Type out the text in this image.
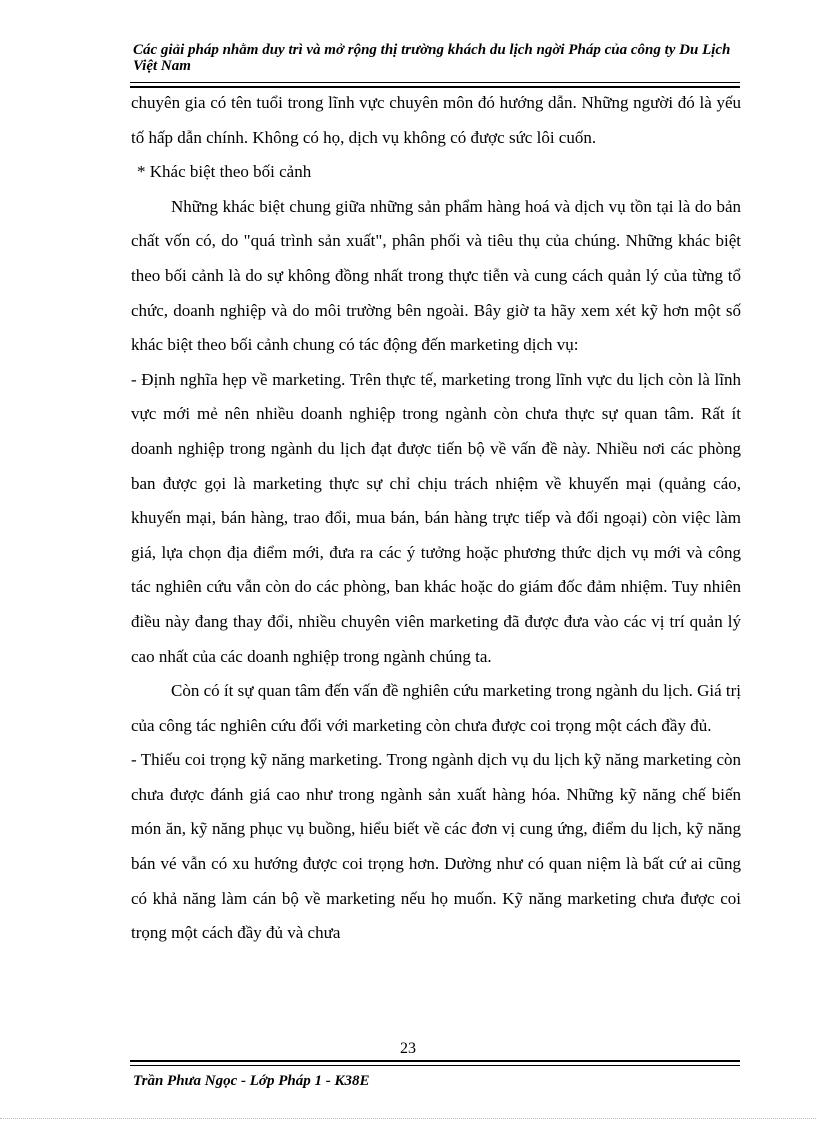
Các giải pháp nhằm duy trì và mở rộng thị trường khách du lịch ngời Pháp của công ty Du Lịch Việt Nam

chuyên gia có tên tuổi trong lĩnh vực chuyên môn đó hướng dẫn. Những người đó là yếu tố hấp dẫn chính. Không có họ, dịch vụ không có được sức lôi cuốn.

* Khác biệt theo bối cảnh

Những khác biệt chung giữa những sản phẩm hàng hoá và dịch vụ tồn tại là do bản chất vốn có, do "quá trình sản xuất", phân phối và tiêu thụ của chúng. Những khác biệt theo bối cảnh là do sự không đồng nhất trong thực tiễn và cung cách quản lý của từng tổ chức, doanh nghiệp và do môi trường bên ngoài. Bây giờ ta hãy xem xét kỹ hơn một số khác biệt theo bối cảnh chung có tác động đến marketing dịch vụ:

- Định nghĩa hẹp về marketing. Trên thực tế, marketing trong lĩnh vực du lịch còn là lĩnh vực mới mẻ nên nhiều doanh nghiệp trong ngành còn chưa thực sự quan tâm. Rất ít doanh nghiệp trong ngành du lịch đạt được tiến bộ về vấn đề này. Nhiều nơi các phòng ban được gọi là marketing thực sự chỉ chịu trách nhiệm về khuyến mại (quảng cáo, khuyến mại, bán hàng, trao đổi, mua bán, bán hàng trực tiếp và đối ngoại) còn việc làm giá, lựa chọn địa điểm mới, đưa ra các ý tưởng hoặc phương thức dịch vụ mới và công tác nghiên cứu vẫn còn do các phòng, ban khác hoặc do giám đốc đảm nhiệm. Tuy nhiên điều này đang thay đổi, nhiều chuyên viên marketing đã được đưa vào các vị trí quản lý cao nhất của các doanh nghiệp trong ngành chúng ta.

Còn có ít sự quan tâm đến vấn đề nghiên cứu marketing trong ngành du lịch. Giá trị của công tác nghiên cứu đối với marketing còn chưa được coi trọng một cách đầy đủ.

- Thiếu coi trọng kỹ năng marketing. Trong ngành dịch vụ du lịch kỹ năng marketing còn chưa được đánh giá cao như trong ngành sản xuất hàng hóa. Những kỹ năng chế biến món ăn, kỹ năng phục vụ buồng, hiểu biết về các đơn vị cung ứng, điểm du lịch, kỹ năng bán vé vẫn có xu hướng được coi trọng hơn. Dường như có quan niệm là bất cứ ai cũng có khả năng làm cán bộ về marketing nếu họ muốn. Kỹ năng marketing chưa được coi trọng một cách đầy đủ và chưa

23
Trần Phưa Ngọc - Lớp Pháp 1 - K38E
